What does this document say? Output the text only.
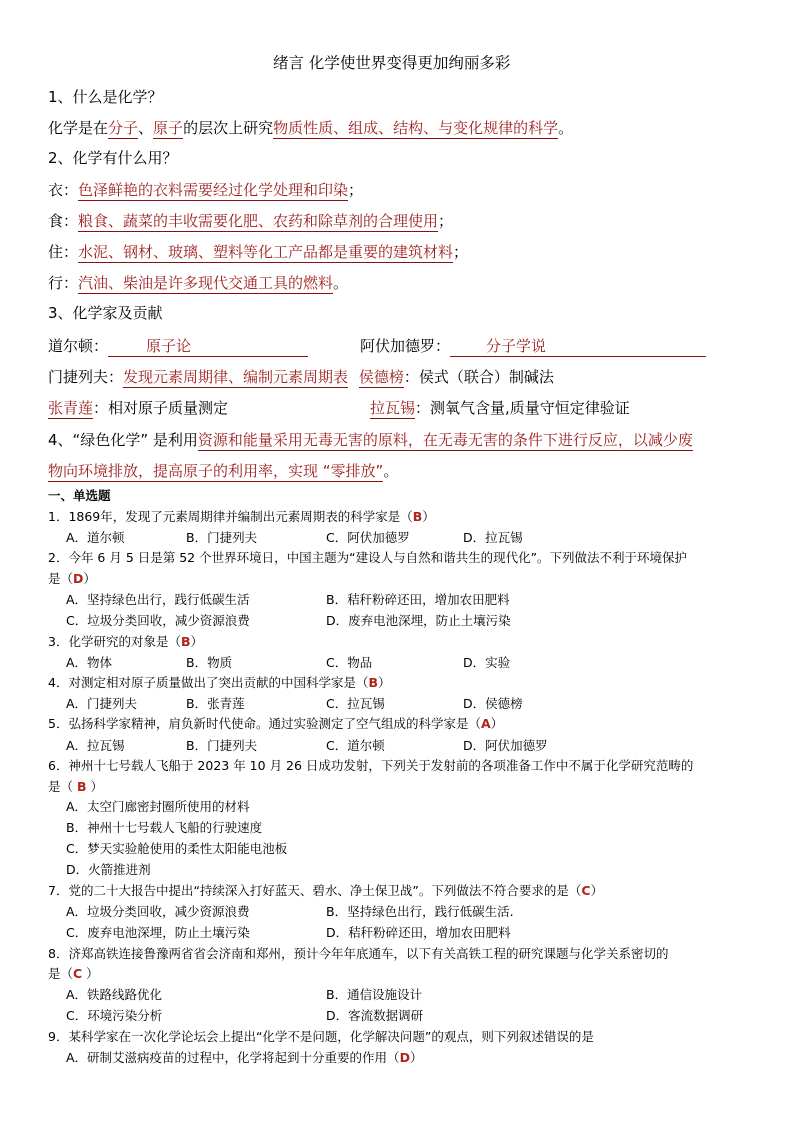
绪言 化学使世界变得更加绚丽多彩
1、什么是化学？
化学是在分子、原子的层次上研究物质性质、组成、结构、与变化规律的科学。
2、化学有什么用？
衣：色泽鲜艳的衣料需要经过化学处理和印染；
食：粮食、蔬菜的丰收需要化肥、农药和除草剂的合理使用；
住：水泥、钢材、玻璃、塑料等化工产品都是重要的建筑材料；
行：汽油、柴油是许多现代交通工具的燃料。
3、化学家及贡献
道尔顿：	原子论	阿伏加德罗： 分子学说
门捷列夫：发现元素周期律、编制元素周期表 侯德榜：侯式（联合）制碱法
张青莲：相对原子质量测定	拉瓦锡：测氧气含量,质量守恒定律验证
4、“绿色化学” 是利用资源和能量采用无毒无害的原料，在无毒无害的条件下进行反应，以减少废
物向环境排放，提高原子的利用率，实现 “零排放”。
一、单选题
1．1869年，发现了元素周期律并编制出元素周期表的科学家是（B）
A．道尔顿	B．门捷列夫	C．阿伏加德罗	D．拉瓦锡
2．今年 6 月 5 日是第 52 个世界环境日，中国主题为“建设人与自然和谐共生的现代化”。下列做法不利于环境保护
是（D）
A．坚持绿色出行，践行低碳生活	B．秸秆粉碎还田，增加农田肥料
C．垃圾分类回收，减少资源浪费	D．废弃电池深埋，防止土壤污染
3．化学研究的对象是（B）
A．物体	B．物质	C．物品	D．实验
4．对测定相对原子质量做出了突出贡献的中国科学家是（B）
A．门捷列夫	B．张青莲	C．拉瓦锡	D．侯德榜
5．弘扬科学家精神，肩负新时代使命。通过实验测定了空气组成的科学家是（A）
A．拉瓦锡	B．门捷列夫	C．道尔顿	D．阿伏加德罗
6．神州十七号载人飞船于 2023 年 10 月 26 日成功发射，下列关于发射前的各项准备工作中不属于化学研究范畴的
是（ B ）
A．太空门廊密封圈所使用的材料
B．神州十七号载人飞船的行驶速度
C．梦天实验舱使用的柔性太阳能电池板
D．火箭推进剂
7．党的二十大报告中提出“持续深入打好蓝天、碧水、净土保卫战”。下列做法不符合要求的是（C）
A．垃圾分类回收，减少资源浪费	B．坚持绿色出行，践行低碳生活.
C．废弃电池深埋，防止土壤污染	D．秸秆粉碎还田，增加农田肥料
8．济郑高铁连接鲁豫两省省会济南和郑州，预计今年年底通车，以下有关高铁工程的研究课题与化学关系密切的
是（C ）
A．铁路线路优化	B．通信设施设计
C．环境污染分析	D．客流数据调研
9．某科学家在一次化学论坛会上提出“化学不是问题，化学解决问题”的观点，则下列叙述错误的是
A．研制艾滋病疫苗的过程中，化学将起到十分重要的作用（D）
